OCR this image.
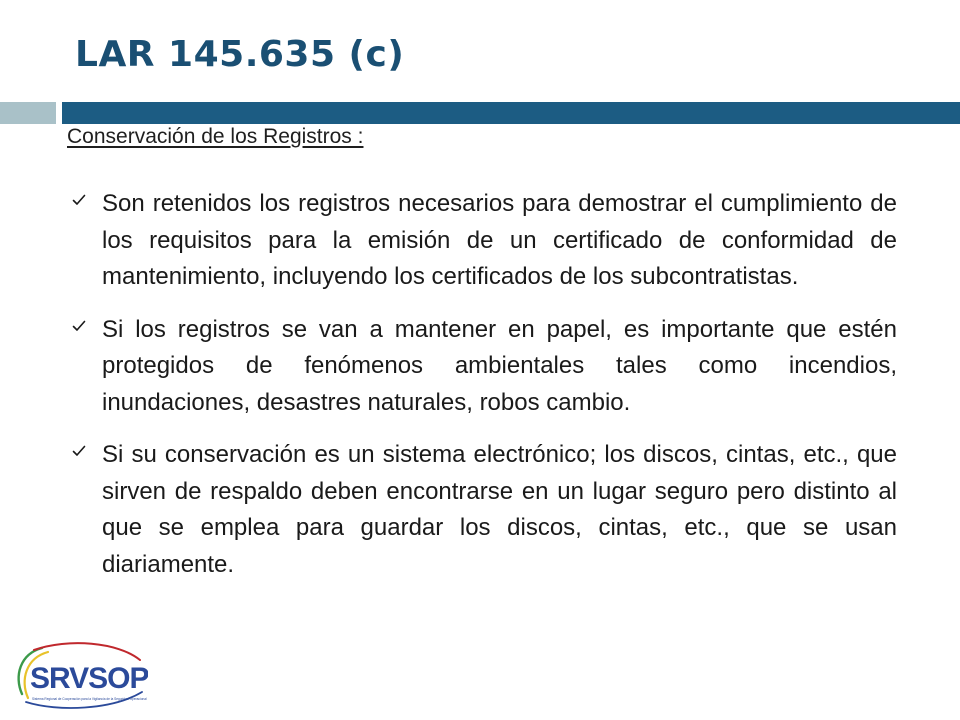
LAR 145.635 (c)

Conservación de los Registros :

Son retenidos los registros necesarios para demostrar el cumplimiento de los requisitos para la emisión de un certificado de conformidad de mantenimiento, incluyendo los certificados de los subcontratistas.
Si los registros se van a mantener en papel, es importante que estén protegidos de fenómenos ambientales tales como incendios, inundaciones, desastres naturales, robos cambio.
Si su conservación es un sistema electrónico; los discos, cintas, etc., que sirven de respaldo deben encontrarse en un lugar seguro pero distinto al que se emplea para guardar los discos, cintas, etc., que se usan diariamente.
SRVSOP
Sistema Regional de Cooperación para la Vigilancia de la Seguridad Operacional
